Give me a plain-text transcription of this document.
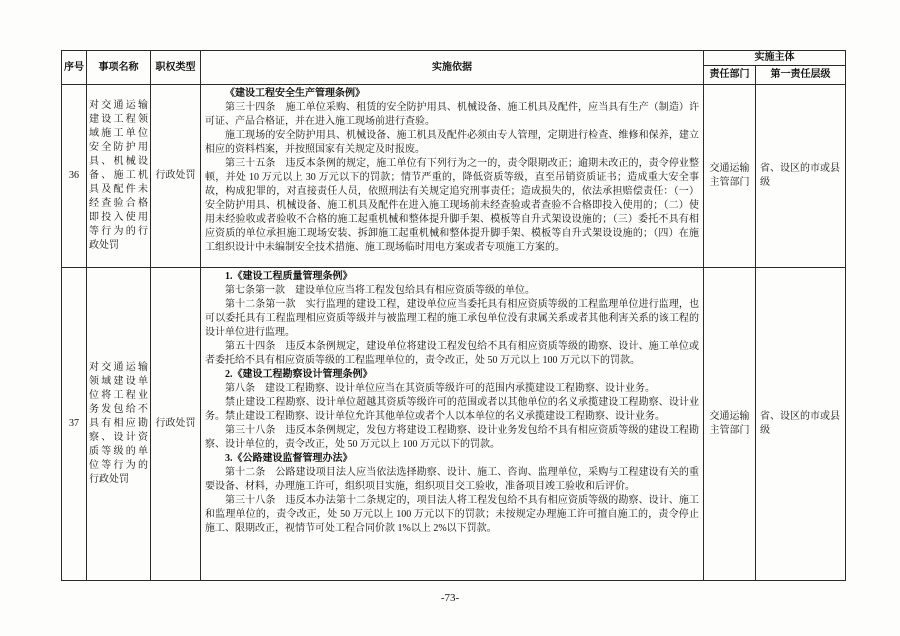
序号	事项名称	职权类型	实施依据	实施主体	
				责任部门	第一责任层级
36	对交通运输建设工程领域施工单位安全防护用具、机械设备、施工机具及配件未经查验合格即投入使用等行为的行政处罚	行政处罚	《建设工程安全生产管理条例》

第三十四条　施工单位采购、租赁的安全防护用具、机械设备、施工机具及配件，应当具有生产（制造）许可证、产品合格证，并在进入施工现场前进行查验。

施工现场的安全防护用具、机械设备、施工机具及配件必须由专人管理，定期进行检查、维修和保养，建立相应的资料档案，并按照国家有关规定及时报废。

第三十五条　违反本条例的规定，施工单位有下列行为之一的，责令限期改正；逾期未改正的，责令停业整顿，并处 10 万元以上 30 万元以下的罚款；情节严重的，降低资质等级，直至吊销资质证书；造成重大安全事故，构成犯罪的，对直接责任人员，依照刑法有关规定追究刑事责任；造成损失的，依法承担赔偿责任：（一）安全防护用具、机械设备、施工机具及配件在进入施工现场前未经查验或者查验不合格即投入使用的；（二）使用未经验收或者验收不合格的施工起重机械和整体提升脚手架、模板等自升式架设设施的；（三）委托不具有相应资质的单位承担施工现场安装、拆卸施工起重机械和整体提升脚手架、模板等自升式架设设施的；（四）在施工组织设计中未编制安全技术措施、施工现场临时用电方案或者专项施工方案的。	交通运输主管部门	省、设区的市或县级
37	对交通运输领域建设单位将工程业务发包给不具有相应勘察、设计资质等级的单位等行为的行政处罚	行政处罚	

1.《建设工程质量管理条例》

第七条第一款　建设单位应当将工程发包给具有相应资质等级的单位。

第十二条第一款　实行监理的建设工程，建设单位应当委托具有相应资质等级的工程监理单位进行监理，也可以委托具有工程监理相应资质等级并与被监理工程的施工承包单位没有隶属关系或者其他利害关系的该工程的设计单位进行监理。

第五十四条　违反本条例规定，建设单位将建设工程发包给不具有相应资质等级的勘察、设计、施工单位或者委托给不具有相应资质等级的工程监理单位的，责令改正，处 50 万元以上 100 万元以下的罚款。

2.《建设工程勘察设计管理条例》

第八条　建设工程勘察、设计单位应当在其资质等级许可的范围内承揽建设工程勘察、设计业务。

禁止建设工程勘察、设计单位超越其资质等级许可的范围或者以其他单位的名义承揽建设工程勘察、设计业务。禁止建设工程勘察、设计单位允许其他单位或者个人以本单位的名义承揽建设工程勘察、设计业务。

第三十八条　违反本条例规定，发包方将建设工程勘察、设计业务发包给不具有相应资质等级的建设工程勘察、设计单位的，责令改正，处 50 万元以上 100 万元以下的罚款。

3.《公路建设监督管理办法》

第十二条　公路建设项目法人应当依法选择勘察、设计、施工、咨询、监理单位，采购与工程建设有关的重要设备、材料，办理施工许可，组织项目实施，组织项目交工验收，准备项目竣工验收和后评价。

第三十八条　违反本办法第十二条规定的，项目法人将工程发包给不具有相应资质等级的勘察、设计、施工和监理单位的，责令改正，处 50 万元以上 100 万元以下的罚款；未按规定办理施工许可擅自施工的，责令停止施工、限期改正，视情节可处工程合同价款 1%以上 2%以下罚款。

	交通运输主管部门	省、设区的市或县级
-73-
